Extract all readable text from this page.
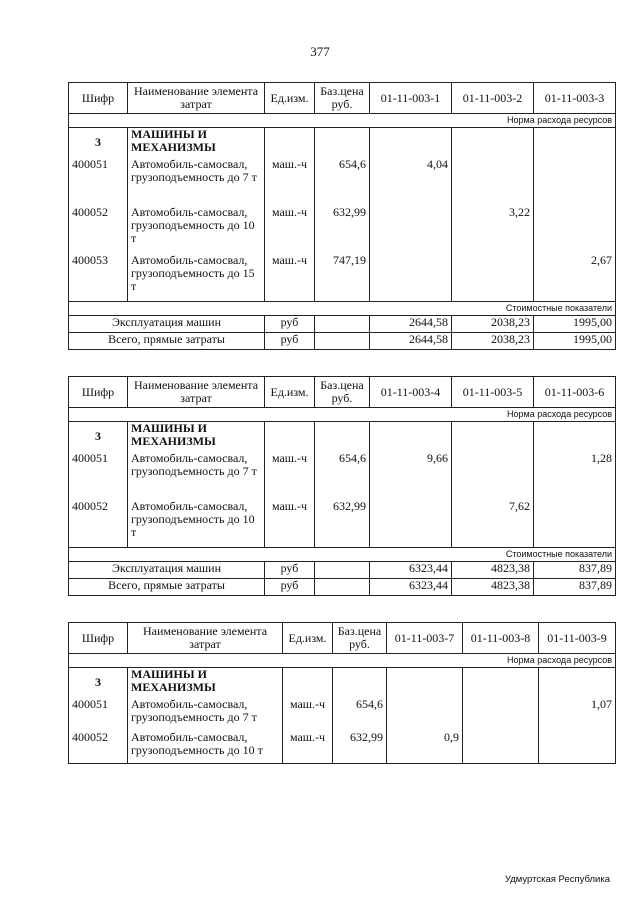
377
Шифр	Наименование элемента затрат	Ед.изм.	Баз.цена руб.	01-11-003-1	01-11-003-2	01-11-003-3
Норма расхода ресурсов						
3	МАШИНЫ И МЕХАНИЗМЫ					
400051	Автомобиль-самосвал, грузоподъемность до 7 т	маш.-ч	654,6	4,04		
400052	Автомобиль-самосвал, грузоподъемность до 10 т	маш.-ч	632,99		3,22	
400053	Автомобиль-самосвал, грузоподъемность до 15 т	маш.-ч	747,19			2,67
Стоимостные показатели						
Эксплуатация машин		руб		2644,58	2038,23	1995,00
Всего, прямые затраты		руб		2644,58	2038,23	1995,00
Шифр	Наименование элемента затрат	Ед.изм.	Баз.цена руб.	01-11-003-4	01-11-003-5	01-11-003-6
Норма расхода ресурсов						
3	МАШИНЫ И МЕХАНИЗМЫ					
400051	Автомобиль-самосвал, грузоподъемность до 7 т	маш.-ч	654,6	9,66		1,28
400052	Автомобиль-самосвал, грузоподъемность до 10 т	маш.-ч	632,99		7,62	
Стоимостные показатели						
Эксплуатация машин		руб		6323,44	4823,38	837,89
Всего, прямые затраты		руб		6323,44	4823,38	837,89
Шифр	Наименование элемента затрат	Ед.изм.	Баз.цена руб.	01-11-003-7	01-11-003-8	01-11-003-9
Норма расхода ресурсов						
3	МАШИНЫ И МЕХАНИЗМЫ					
400051	Автомобиль-самосвал, грузоподъемность до 7 т	маш.-ч	654,6			1,07
400052	Автомобиль-самосвал, грузоподъемность до 10 т	маш.-ч	632,99	0,9		
Удмуртская Республика
